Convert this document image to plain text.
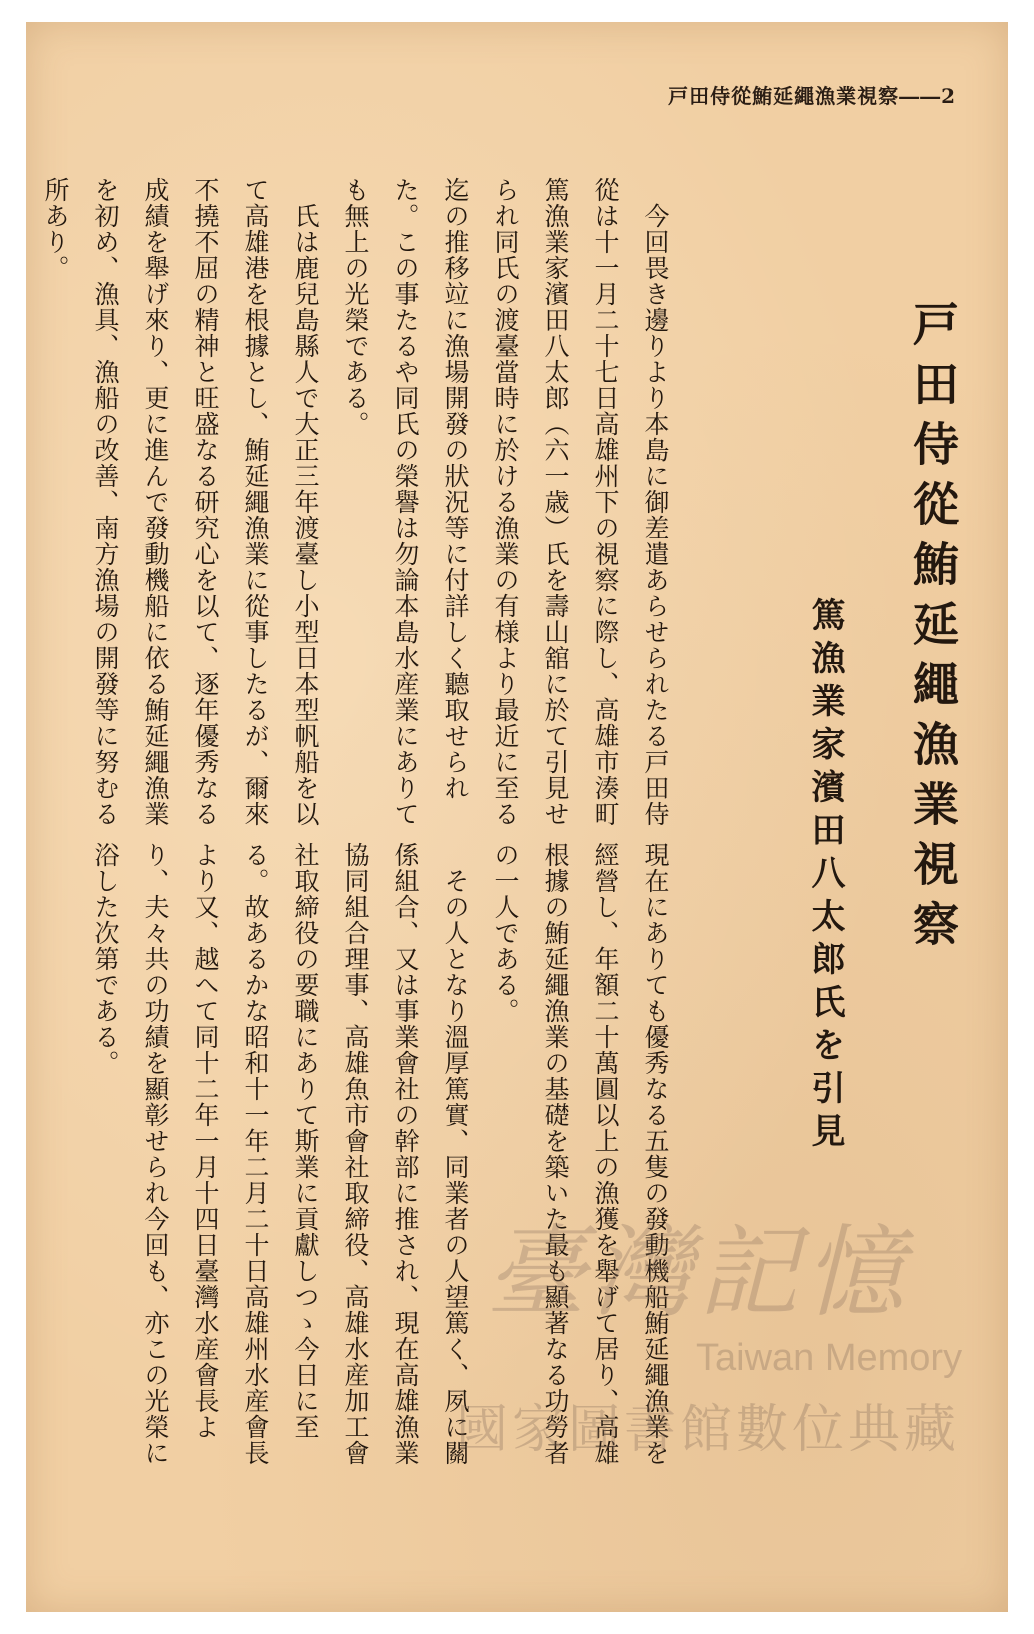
戸田侍從鮪延繩漁業視察――2
戸田侍從鮪延繩漁業視察
篤漁業家濱田八太郎氏を引見
　今回畏き邊りより本島に御差遣あらせられたる戸田侍從は十一月二十七日高雄州下の視察に際し、高雄市湊町篤漁業家濱田八太郎（六一歳）氏を壽山舘に於て引見せられ同氏の渡臺當時に於ける漁業の有様より最近に至る迄の推移竝に漁場開發の狀況等に付詳しく聽取せられた。この事たるや同氏の榮譽は勿論本島水産業にありても無上の光榮である。
　氏は鹿兒島縣人で大正三年渡臺し小型日本型帆船を以て高雄港を根據とし、鮪延繩漁業に從事したるが、爾來不撓不屈の精神と旺盛なる研究心を以て、逐年優秀なる成績を舉げ來り、更に進んで發動機船に依る鮪延繩漁業を初め、漁具、漁船の改善、南方漁場の開發等に努むる所あり。
現在にありても優秀なる五隻の發動機船鮪延繩漁業を經營し、年額二十萬圓以上の漁獲を舉げて居り、高雄根據の鮪延繩漁業の基礎を築いた最も顯著なる功勞者の一人である。
　その人となり溫厚篤實、同業者の人望篤く、夙に關係組合、又は事業會社の幹部に推され、現在高雄漁業協同組合理事、高雄魚市會社取締役、高雄水産加工會社取締役の要職にありて斯業に貢獻しつゝ今日に至る。故あるかな昭和十一年二月二十日高雄州水産會長より又、越へて同十二年一月十四日臺灣水産會長より、夫々共の功績を顯彰せられ今回も、亦この光榮に浴した次第である。
臺灣記憶
Taiwan Memory
國家圖書館數位典藏
